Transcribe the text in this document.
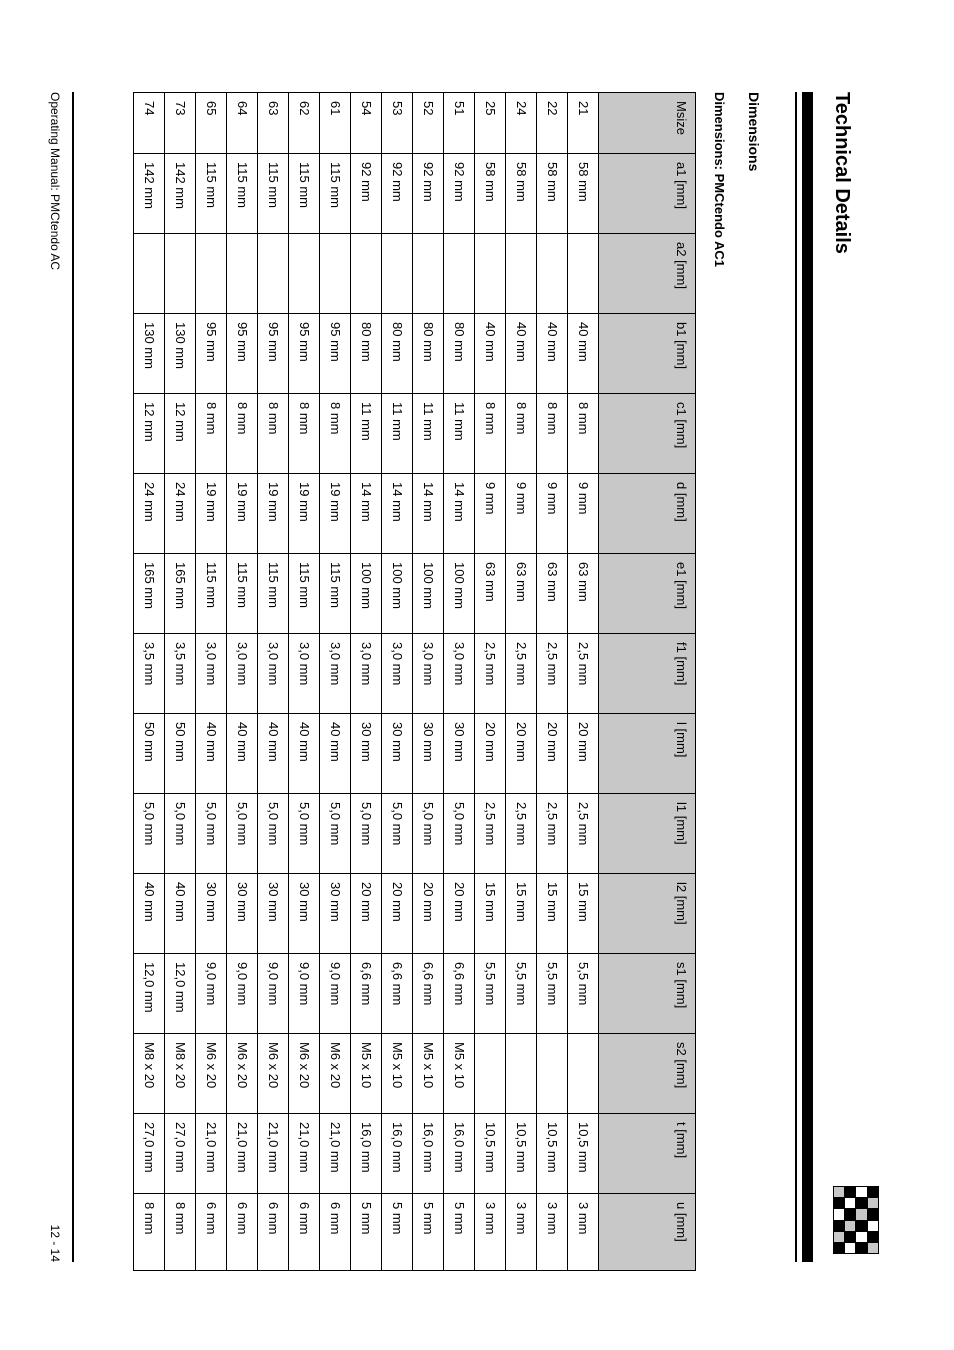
Technical Details
Dimensions
Dimensions: PMCtendo AC1
Msize	a1 [mm]	a2 [mm]	b1 [mm]	c1 [mm]	d [mm]	e1 [mm]	f1 [mm]	l [mm]	l1 [mm]	l2 [mm]	s1 [mm]	s2 [mm]	t [mm]	u [mm]
21	58 mm		40 mm	8 mm	9 mm	63 mm	2,5 mm	20 mm	2,5 mm	15 mm	5,5 mm		10,5 mm	3 mm
22	58 mm		40 mm	8 mm	9 mm	63 mm	2,5 mm	20 mm	2,5 mm	15 mm	5,5 mm		10,5 mm	3 mm
24	58 mm		40 mm	8 mm	9 mm	63 mm	2,5 mm	20 mm	2,5 mm	15 mm	5,5 mm		10,5 mm	3 mm
25	58 mm		40 mm	8 mm	9 mm	63 mm	2,5 mm	20 mm	2,5 mm	15 mm	5,5 mm		10,5 mm	3 mm
51	92 mm		80 mm	11 mm	14 mm	100 mm	3,0 mm	30 mm	5,0 mm	20 mm	6,6 mm	M5 x 10	16,0 mm	5 mm
52	92 mm		80 mm	11 mm	14 mm	100 mm	3,0 mm	30 mm	5,0 mm	20 mm	6,6 mm	M5 x 10	16,0 mm	5 mm
53	92 mm		80 mm	11 mm	14 mm	100 mm	3,0 mm	30 mm	5,0 mm	20 mm	6,6 mm	M5 x 10	16,0 mm	5 mm
54	92 mm		80 mm	11 mm	14 mm	100 mm	3,0 mm	30 mm	5,0 mm	20 mm	6,6 mm	M5 x 10	16,0 mm	5 mm
61	115 mm		95 mm	8 mm	19 mm	115 mm	3,0 mm	40 mm	5,0 mm	30 mm	9,0 mm	M6 x 20	21,0 mm	6 mm
62	115 mm		95 mm	8 mm	19 mm	115 mm	3,0 mm	40 mm	5,0 mm	30 mm	9,0 mm	M6 x 20	21,0 mm	6 mm
63	115 mm		95 mm	8 mm	19 mm	115 mm	3,0 mm	40 mm	5,0 mm	30 mm	9,0 mm	M6 x 20	21,0 mm	6 mm
64	115 mm		95 mm	8 mm	19 mm	115 mm	3,0 mm	40 mm	5,0 mm	30 mm	9,0 mm	M6 x 20	21,0 mm	6 mm
65	115 mm		95 mm	8 mm	19 mm	115 mm	3,0 mm	40 mm	5,0 mm	30 mm	9,0 mm	M6 x 20	21,0 mm	6 mm
73	142 mm		130 mm	12 mm	24 mm	165 mm	3,5 mm	50 mm	5,0 mm	40 mm	12,0 mm	M8 x 20	27,0 mm	8 mm
74	142 mm		130 mm	12 mm	24 mm	165 mm	3,5 mm	50 mm	5,0 mm	40 mm	12,0 mm	M8 x 20	27,0 mm	8 mm
Operating Manual: PMCtendo AC
12 - 14
